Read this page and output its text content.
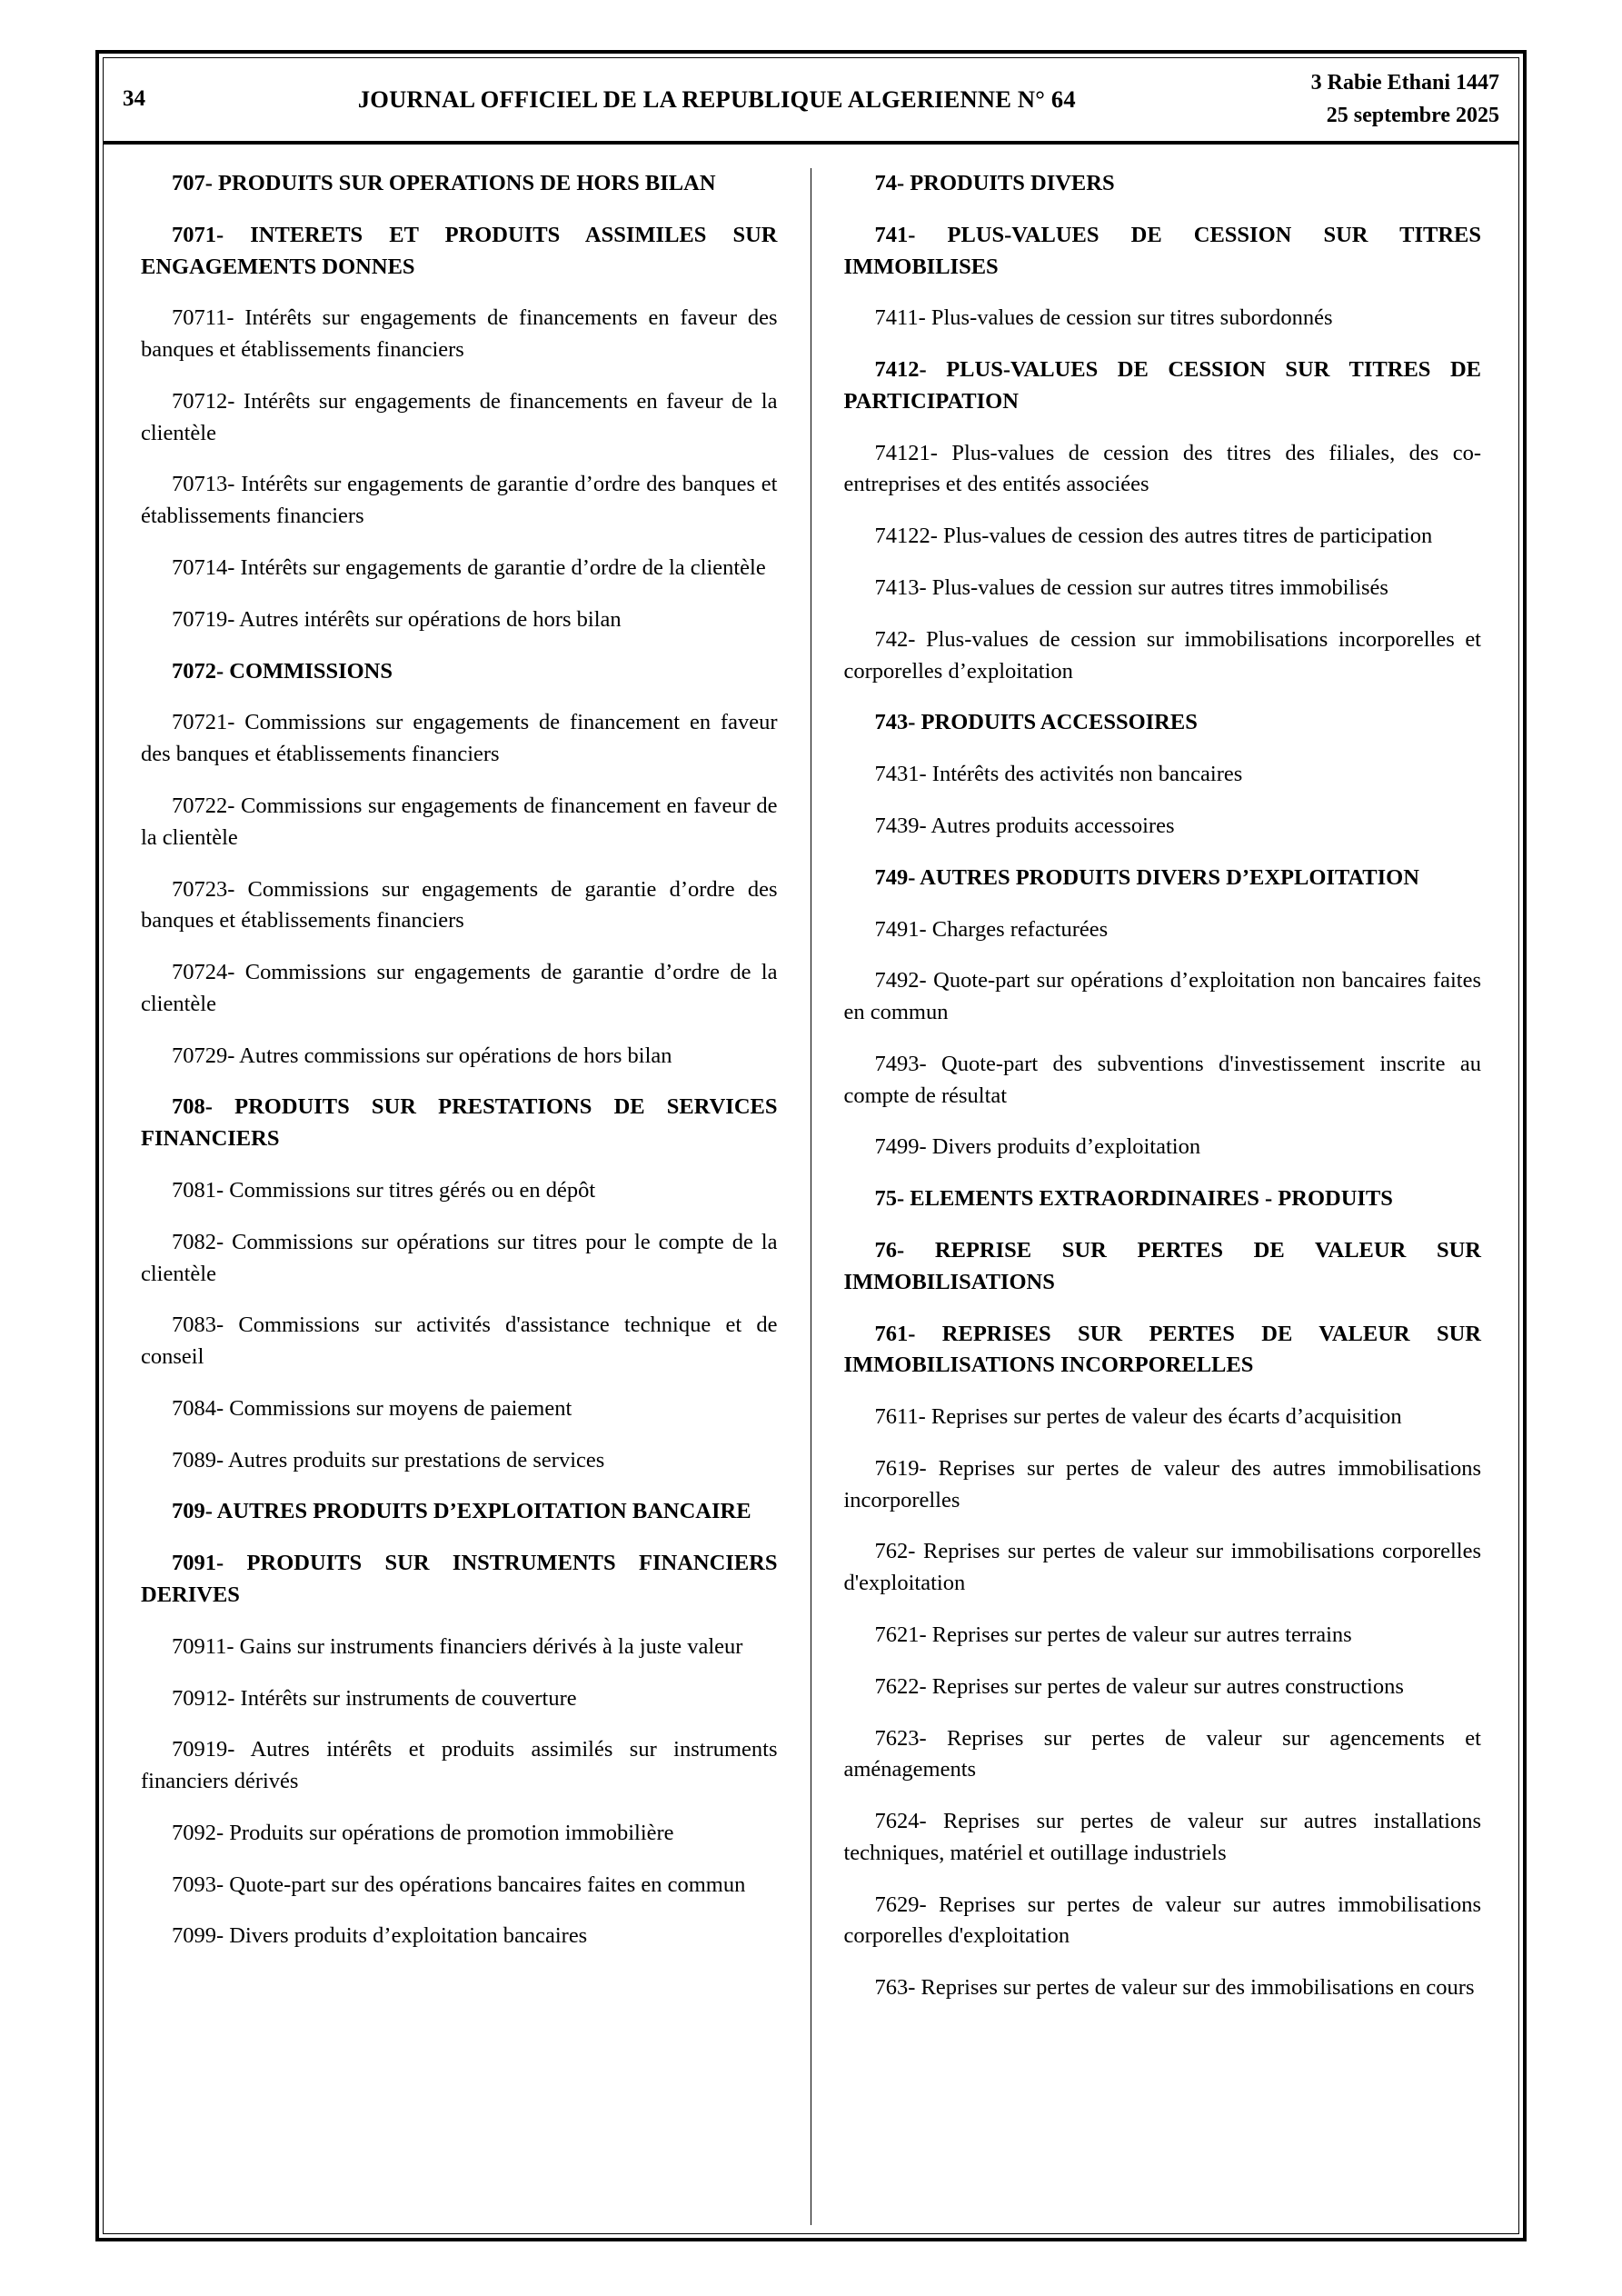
34	JOURNAL OFFICIEL DE LA REPUBLIQUE ALGERIENNE N° 64
3 Rabie Ethani 1447
25 septembre 2025

707- PRODUITS SUR OPERATIONS DE HORS BILAN

7071- INTERETS ET PRODUITS ASSIMILES SUR ENGAGEMENTS DONNES

70711- Intérêts sur engagements de financements en faveur des banques et établissements financiers

70712- Intérêts sur engagements de financements en faveur de la clientèle

70713- Intérêts sur engagements de garantie d’ordre des banques et établissements financiers

70714- Intérêts sur engagements de garantie d’ordre de la clientèle

70719- Autres intérêts sur opérations de hors bilan

7072- COMMISSIONS

70721- Commissions sur engagements de financement en faveur des banques et établissements financiers

70722- Commissions sur engagements de financement en faveur de la clientèle

70723- Commissions sur engagements de garantie d’ordre des banques et établissements financiers

70724- Commissions sur engagements de garantie d’ordre de la clientèle

70729- Autres commissions sur opérations de hors bilan

708- PRODUITS SUR PRESTATIONS DE SERVICES FINANCIERS

7081- Commissions sur titres gérés ou en dépôt

7082- Commissions sur opérations sur titres pour le compte de la clientèle

7083- Commissions sur activités d'assistance technique et de conseil

7084- Commissions sur moyens de paiement

7089- Autres produits sur prestations de services

709- AUTRES PRODUITS D’EXPLOITATION BANCAIRE

7091- PRODUITS SUR INSTRUMENTS FINANCIERS DERIVES

70911- Gains sur instruments financiers dérivés à la juste valeur

70912- Intérêts sur instruments de couverture

70919- Autres intérêts et produits assimilés sur instruments financiers dérivés

7092- Produits sur opérations de promotion immobilière

7093- Quote-part sur des opérations bancaires faites en commun

7099- Divers produits d’exploitation bancaires

74- PRODUITS DIVERS

741- PLUS-VALUES DE CESSION SUR TITRES IMMOBILISES

7411- Plus-values de cession sur titres subordonnés

7412- PLUS-VALUES DE CESSION SUR TITRES DE PARTICIPATION

74121- Plus-values de cession des titres des filiales, des co-entreprises et des entités associées

74122- Plus-values de cession des autres titres de participation

7413- Plus-values de cession sur autres titres immobilisés

742- Plus-values de cession sur immobilisations incorporelles et corporelles d’exploitation

743- PRODUITS ACCESSOIRES

7431- Intérêts des activités non bancaires

7439- Autres produits accessoires

749- AUTRES PRODUITS DIVERS D’EXPLOITATION

7491- Charges refacturées

7492- Quote-part sur opérations d’exploitation non bancaires faites en commun

7493- Quote-part des subventions d'investissement inscrite au compte de résultat

7499- Divers produits d’exploitation

75- ELEMENTS EXTRAORDINAIRES - PRODUITS

76- REPRISE SUR PERTES DE VALEUR SUR IMMOBILISATIONS

761- REPRISES SUR PERTES DE VALEUR SUR IMMOBILISATIONS INCORPORELLES

7611- Reprises sur pertes de valeur des écarts d’acquisition

7619- Reprises sur pertes de valeur des autres immobilisations incorporelles

762- Reprises sur pertes de valeur sur immobilisations corporelles d'exploitation

7621- Reprises sur pertes de valeur sur autres terrains

7622- Reprises sur pertes de valeur sur autres constructions

7623- Reprises sur pertes de valeur sur agencements et aménagements

7624- Reprises sur pertes de valeur sur autres installations techniques, matériel et outillage industriels

7629- Reprises sur pertes de valeur sur autres immobilisations corporelles d'exploitation

763- Reprises sur pertes de valeur sur des immobilisations en cours
